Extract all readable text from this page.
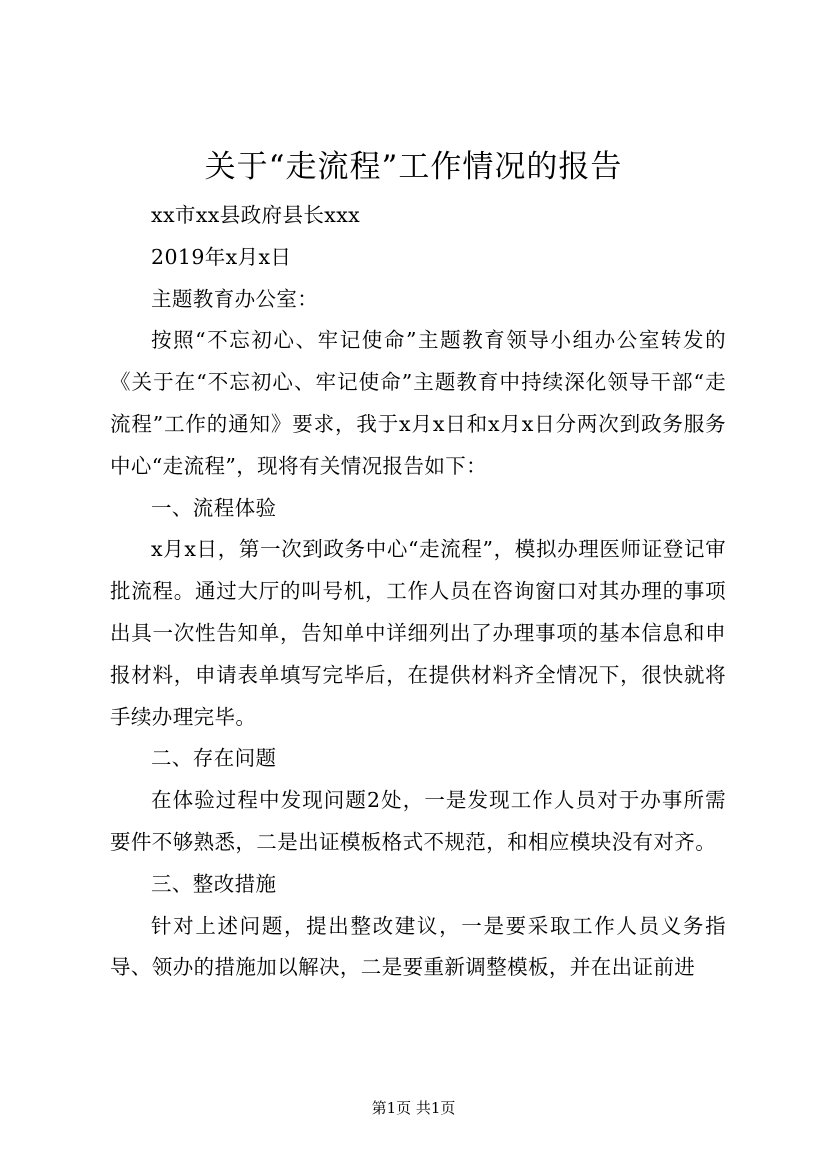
关于“走流程”工作情况的报告

xx市xx县政府县长xxx

2019年x月x日

主题教育办公室：

按照“不忘初心、牢记使命”主题教育领导小组办公室转发的《关于在“不忘初心、牢记使命”主题教育中持续深化领导干部“走流程”工作的通知》要求，我于x月x日和x月x日分两次到政务服务中心“走流程”，现将有关情况报告如下：

一、流程体验

x月x日，第一次到政务中心“走流程”，模拟办理医师证登记审批流程。通过大厅的叫号机，工作人员在咨询窗口对其办理的事项出具一次性告知单，告知单中详细列出了办理事项的基本信息和申报材料，申请表单填写完毕后，在提供材料齐全情况下，很快就将手续办理完毕。

二、存在问题

在体验过程中发现问题2处，一是发现工作人员对于办事所需要件不够熟悉，二是出证模板格式不规范，和相应模块没有对齐。

三、整改措施

针对上述问题，提出整改建议，一是要采取工作人员义务指导、领办的措施加以解决，二是要重新调整模板，并在出证前进

第1页 共1页
